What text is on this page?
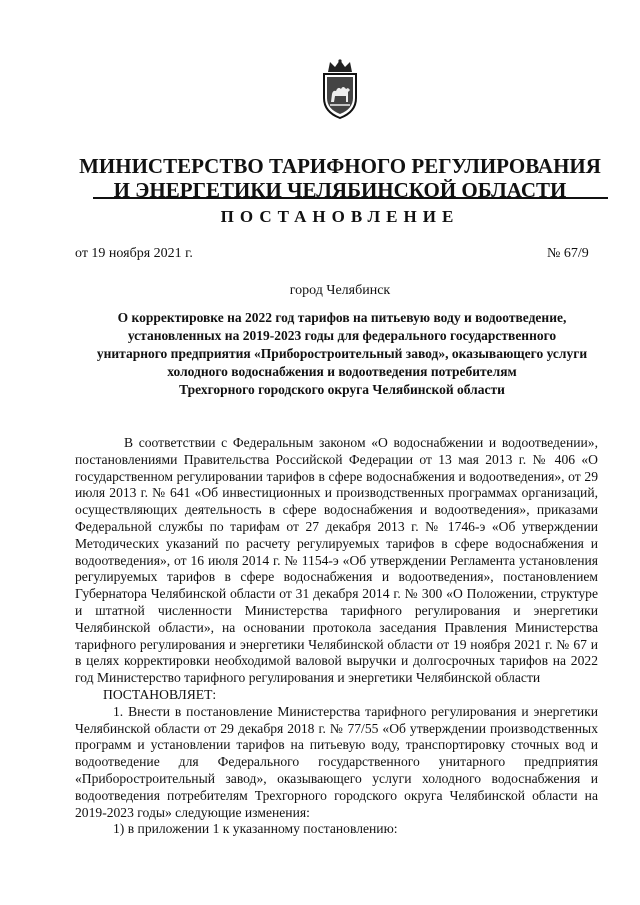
МИНИСТЕРСТВО ТАРИФНОГО РЕГУЛИРОВАНИЯ
И ЭНЕРГЕТИКИ ЧЕЛЯБИНСКОЙ ОБЛАСТИ
ПОСТАНОВЛЕНИЕ
от 19 ноября 2021 г.	№ 67/9
город Челябинск
О корректировке на 2022 год тарифов на питьевую воду и водоотведение,
установленных на 2019-2023 годы для федерального государственного
унитарного предприятия «Приборостроительный завод», оказывающего услуги
холодного водоснабжения и водоотведения потребителям
Трехгорного городского округа Челябинской области

В соответствии с Федеральным законом «О водоснабжении и водоотведении», постановлениями Правительства Российской Федерации от 13 мая 2013 г. № 406 «О государственном регулировании тарифов в сфере водоснабжения и водоотведения», от 29 июля 2013 г. № 641 «Об инвестиционных и производственных программах организаций, осуществляющих деятельность в сфере водоснабжения и водоотведения», приказами Федеральной службы по тарифам от 27 декабря 2013 г. № 1746-э «Об утверждении Методических указаний по расчету регулируемых тарифов в сфере водоснабжения и водоотведения», от 16 июля 2014 г. № 1154-э «Об утверждении Регламента установления регулируемых тарифов в сфере водоснабжения и водоотведения», постановлением Губернатора Челябинской области от 31 декабря 2014 г. № 300 «О Положении, структуре и штатной численности Министерства тарифного регулирования и энергетики Челябинской области», на основании протокола заседания Правления Министерства тарифного регулирования и энергетики Челябинской области от 19 ноября 2021 г. № 67 и в целях корректировки необходимой валовой выручки и долгосрочных тарифов на 2022 год Министерство тарифного регулирования и энергетики Челябинской области

ПОСТАНОВЛЯЕТ:

1. Внести в постановление Министерства тарифного регулирования и энергетики Челябинской области от 29 декабря 2018 г. № 77/55 «Об утверждении производственных программ и установлении тарифов на питьевую воду, транспортировку сточных вод и водоотведение для Федерального государственного унитарного предприятия «Приборостроительный завод», оказывающего услуги холодного водоснабжения и водоотведения потребителям Трехгорного городского округа Челябинской области на 2019-2023 годы» следующие изменения:

1) в приложении 1 к указанному постановлению:
